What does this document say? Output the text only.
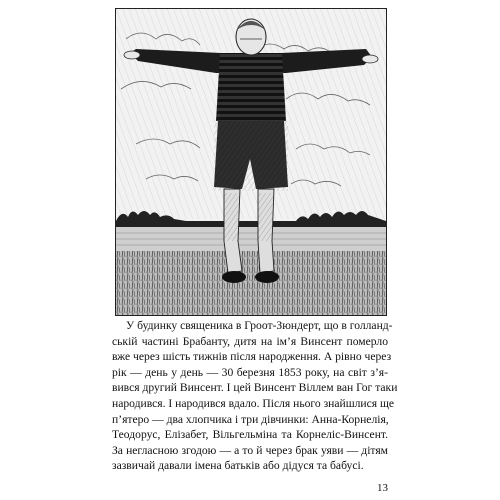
У будинку священика в Гроот-Зюндерт, що в голланд-
ській частині Брабанту, дитя на ім’я Винсент померло
вже через шість тижнів після народження. А рівно через
рік — день у день — 30 березня 1853 року, на світ з’я-
вився другий Винсент. І цей Винсент Віллем ван Гог таки
народився. І народився вдало. Після нього знайшлися ще
п’ятеро — два хлопчика і три дівчинки: Анна-Корнелія,
Теодорус, Елізабет, Вільгельміна та Корнеліс-Винсент.
За негласною згодою — а то й через брак уяви — дітям
зазвичай давали імена батьків або дідуся та бабусі.

13
